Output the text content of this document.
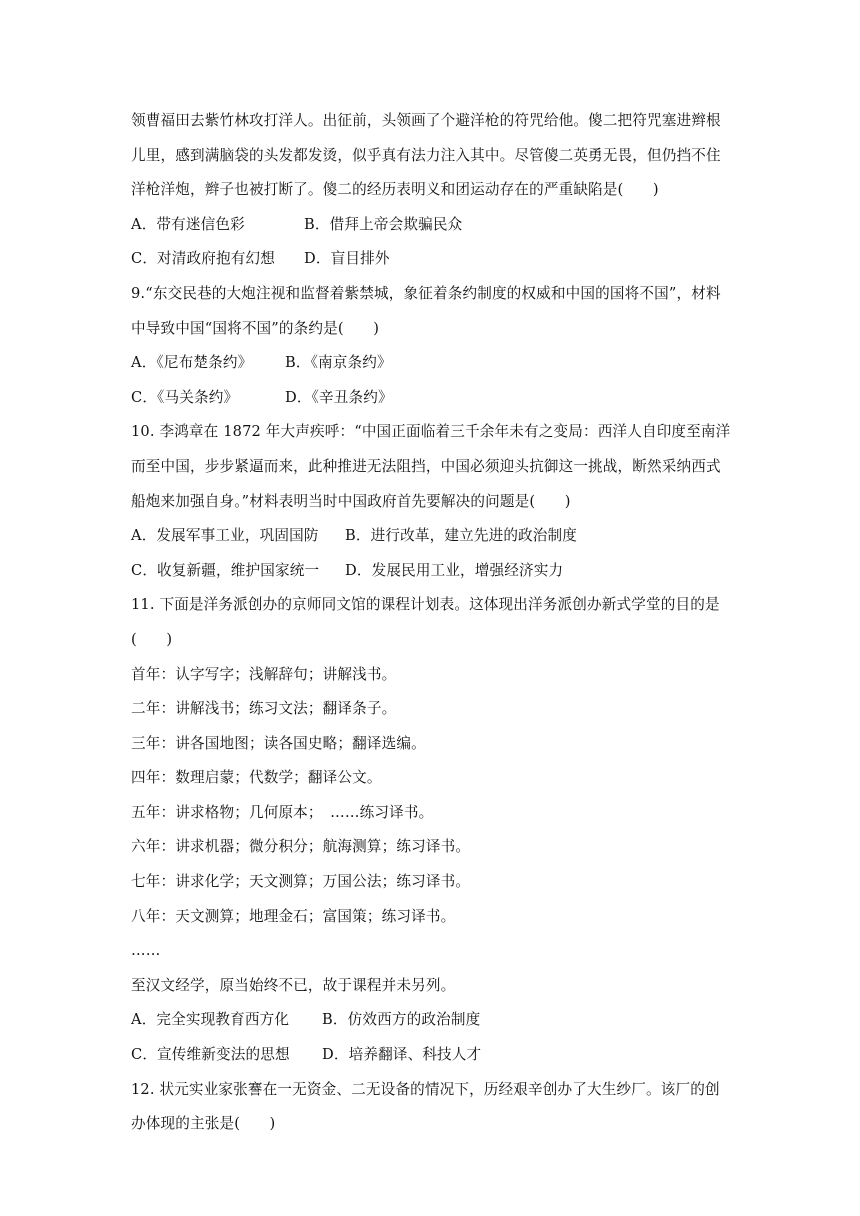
领曹福田去紫竹林攻打洋人。出征前，头领画了个避洋枪的符咒给他。傻二把符咒塞进辫根
儿里，感到满脑袋的头发都发烫，似乎真有法力注入其中。尽管傻二英勇无畏，但仍挡不住
洋枪洋炮，辫子也被打断了。傻二的经历表明义和团运动存在的严重缺陷是(　　)
A．带有迷信色彩	B．借拜上帝会欺骗民众
C．对清政府抱有幻想	D．盲目排外
9.“东交民巷的大炮注视和监督着紫禁城，象征着条约制度的权威和中国的国将不国”，材料
中导致中国“国将不国”的条约是(　　)
A．《尼布楚条约》	B．《南京条约》
C．《马关条约》	D．《辛丑条约》
10. 李鸿章在 1872 年大声疾呼：“中国正面临着三千余年未有之变局：西洋人自印度至南洋
而至中国，步步紧逼而来，此种推进无法阻挡，中国必须迎头抗御这一挑战，断然采纳西式
船炮来加强自身。”材料表明当时中国政府首先要解决的问题是(　　)
A．发展军事工业，巩固国防	B．进行改革，建立先进的政治制度
C．收复新疆，维护国家统一	D．发展民用工业，增强经济实力
11. 下面是洋务派创办的京师同文馆的课程计划表。这体现出洋务派创办新式学堂的目的是
(　　)
首年：认字写字；浅解辞句；讲解浅书。
二年：讲解浅书；练习文法；翻译条子。
三年：讲各国地图；读各国史略；翻译选编。
四年：数理启蒙；代数学；翻译公文。
五年：讲求格物；几何原本；　……练习译书。
六年：讲求机器；微分积分；航海测算；练习译书。
七年：讲求化学；天文测算；万国公法；练习译书。
八年：天文测算；地理金石；富国策；练习译书。
……
至汉文经学，原当始终不已，故于课程并未另列。
A．完全实现教育西方化	B．仿效西方的政治制度
C．宣传维新变法的思想	D．培养翻译、科技人才
12. 状元实业家张謇在一无资金、二无设备的情况下，历经艰辛创办了大生纱厂。该厂的创
办体现的主张是(　　)
